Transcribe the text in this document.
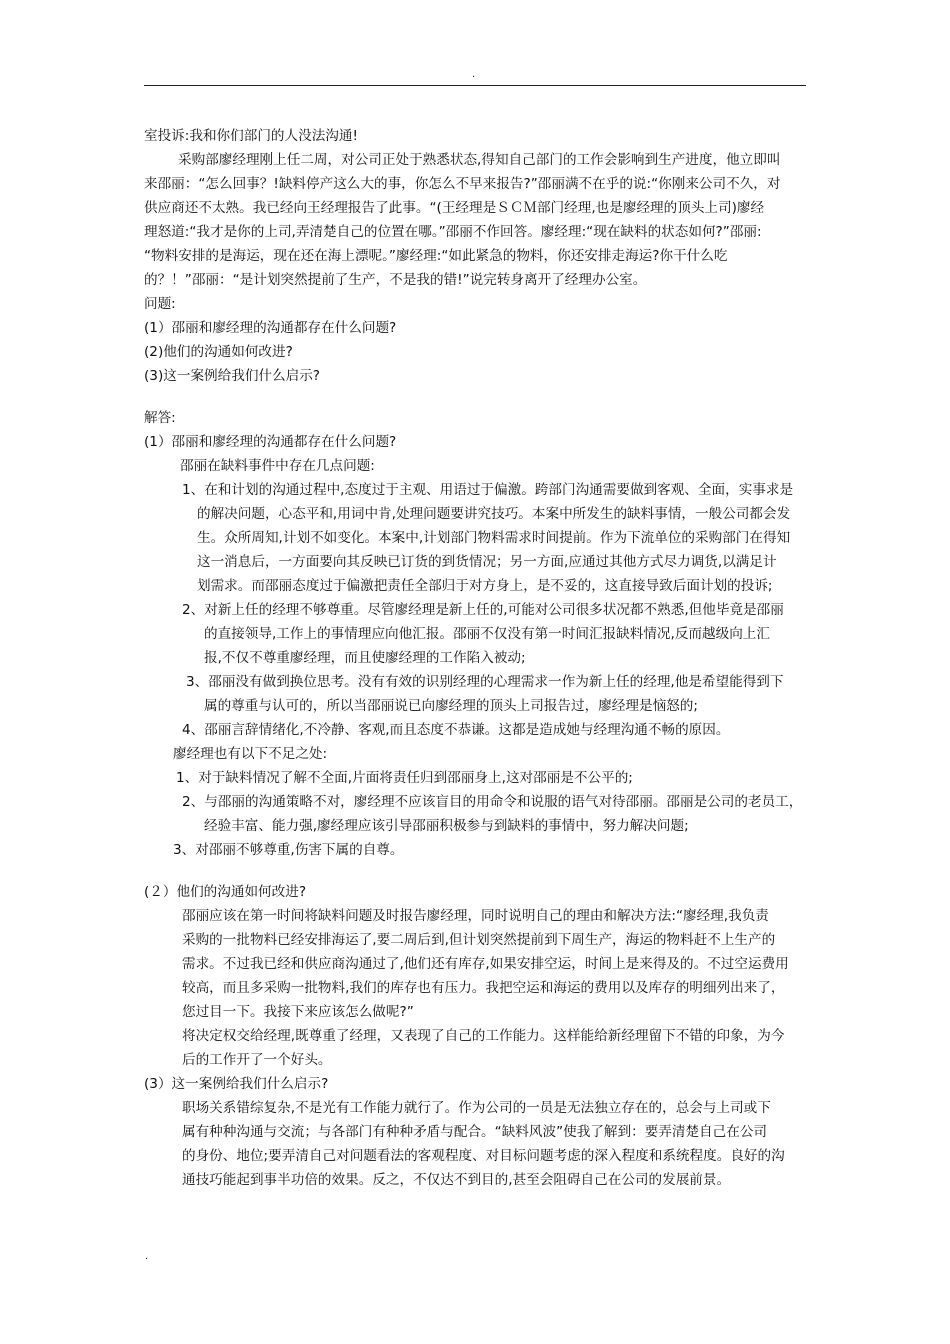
.
室投诉:我和你们部门的人没法沟通!
采购部廖经理刚上任二周，对公司正处于熟悉状态,得知自己部门的工作会影响到生产进度，他立即叫
来邵丽：“怎么回事？!缺料停产这么大的事，你怎么不早来报告?”邵丽满不在乎的说:“你刚来公司不久，对
供应商还不太熟。我已经向王经理报告了此事。“(王经理是ＳＣＭ部门经理,也是廖经理的顶头上司)廖经
理怒道:“我才是你的上司,弄清楚自己的位置在哪。”邵丽不作回答。廖经理:“现在缺料的状态如何?”邵丽:
“物料安排的是海运，现在还在海上漂呢。”廖经理:“如此紧急的物料，你还安排走海运?你干什么吃
的？！”邵丽：“是计划突然提前了生产，不是我的错!”说完转身离开了经理办公室。
问题:
(1）邵丽和廖经理的沟通都存在什么问题?
(2)他们的沟通如何改进?
(3)这一案例给我们什么启示?
解答:
(1）邵丽和廖经理的沟通都存在什么问题?
邵丽在缺料事件中存在几点问题:
1、在和计划的沟通过程中,态度过于主观、用语过于偏激。跨部门沟通需要做到客观、全面，实事求是
的解决问题，心态平和,用词中肯,处理问题要讲究技巧。本案中所发生的缺料事情，一般公司都会发
生。众所周知,计划不如变化。本案中,计划部门物料需求时间提前。作为下流单位的采购部门在得知
这一消息后，一方面要向其反映已订货的到货情况；另一方面,应通过其他方式尽力调货,以满足计
划需求。而邵丽态度过于偏激把责任全部归于对方身上，是不妥的，这直接导致后面计划的投诉;
2、对新上任的经理不够尊重。尽管廖经理是新上任的,可能对公司很多状况都不熟悉,但他毕竟是邵丽
的直接领导,工作上的事情理应向他汇报。邵丽不仅没有第一时间汇报缺料情况,反而越级向上汇
报,不仅不尊重廖经理，而且使廖经理的工作陷入被动;
3、邵丽没有做到换位思考。没有有效的识别经理的心理需求一作为新上任的经理,他是希望能得到下
属的尊重与认可的，所以当邵丽说已向廖经理的顶头上司报告过，廖经理是恼怒的;
4、邵丽言辞情绪化,不冷静、客观,而且态度不恭谦。这都是造成她与经理沟通不畅的原因。
廖经理也有以下不足之处:
1、对于缺料情况了解不全面,片面将责任归到邵丽身上,这对邵丽是不公平的;
2、与邵丽的沟通策略不对，廖经理不应该盲目的用命令和说服的语气对待邵丽。邵丽是公司的老员工，
经验丰富、能力强,廖经理应该引导邵丽积极参与到缺料的事情中，努力解决问题;
3、对邵丽不够尊重,伤害下属的自尊。
(２）他们的沟通如何改进?
邵丽应该在第一时间将缺料问题及时报告廖经理，同时说明自己的理由和解决方法:“廖经理,我负责
采购的一批物料已经安排海运了,要二周后到,但计划突然提前到下周生产，海运的物料赶不上生产的
需求。不过我已经和供应商沟通过了,他们还有库存,如果安排空运，时间上是来得及的。不过空运费用
较高，而且多采购一批物料,我们的库存也有压力。我把空运和海运的费用以及库存的明细列出来了，
您过目一下。我接下来应该怎么做呢?”
将决定权交给经理,既尊重了经理，又表现了自己的工作能力。这样能给新经理留下不错的印象，为今
后的工作开了一个好头。
(3）这一案例给我们什么启示?
职场关系错综复杂,不是光有工作能力就行了。作为公司的一员是无法独立存在的，总会与上司或下
属有种种沟通与交流；与各部门有种种矛盾与配合。“缺料风波”使我了解到：要弄清楚自己在公司
的身份、地位;要弄清自己对问题看法的客观程度、对目标问题考虑的深入程度和系统程度。良好的沟
通技巧能起到事半功倍的效果。反之，不仅达不到目的,甚至会阻碍自己在公司的发展前景。
.
